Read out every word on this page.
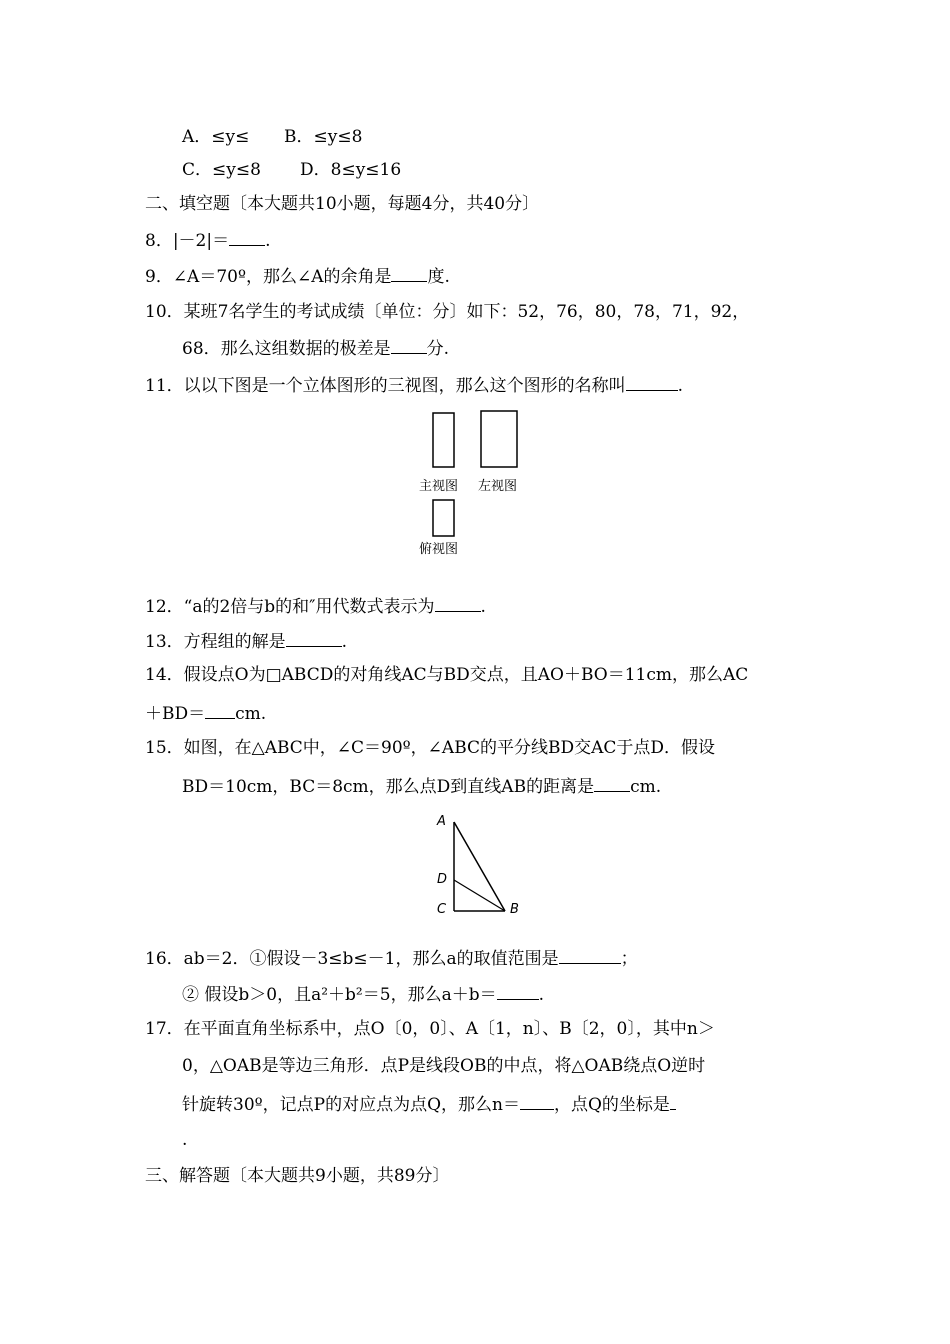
A．≤y≤ B．≤y≤8
C．≤y≤8 D．8≤y≤16
二、填空题〔本大题共10小题，每题4分，共40分〕
8．|－2|＝ .
9．∠A＝70º，那么∠A的余角是 度.
10．某班7名学生的考试成绩〔单位：分〕如下：52，76，80，78，71，92，
68．那么这组数据的极差是 分.
11．以以下图是一个立体图形的三视图，那么这个图形的名称叫	.
主视图 左视图
俯视图
12．“a的2倍与b的和″用代数式表示为	.
13．方程组的解是	.
14．假设点O为□ABCD的对角线AC与BD交点，且AO＋BO＝11cm，那么AC
＋BD＝ cm.
15．如图，在△ABC中，∠C＝90º，∠ABC的平分线BD交AC于点D．假设
BD＝10cm，BC＝8cm，那么点D到直线AB的距离是 cm.
A
D
C	B
16．ab＝2．①假设－3≤b≤－1，那么a的取值范围是	；
② 假设b＞0，且a²＋b²＝5，那么a＋b＝ .
17．在平面直角坐标系中，点O〔0，0〕、A〔1，n〕、B〔2，0〕，其中n＞
0，△OAB是等边三角形．点P是线段OB的中点，将△OAB绕点O逆时
针旋转30º，记点P的对应点为点Q，那么n＝ ，点Q的坐标是
.
三、解答题〔本大题共9小题，共89分〕
